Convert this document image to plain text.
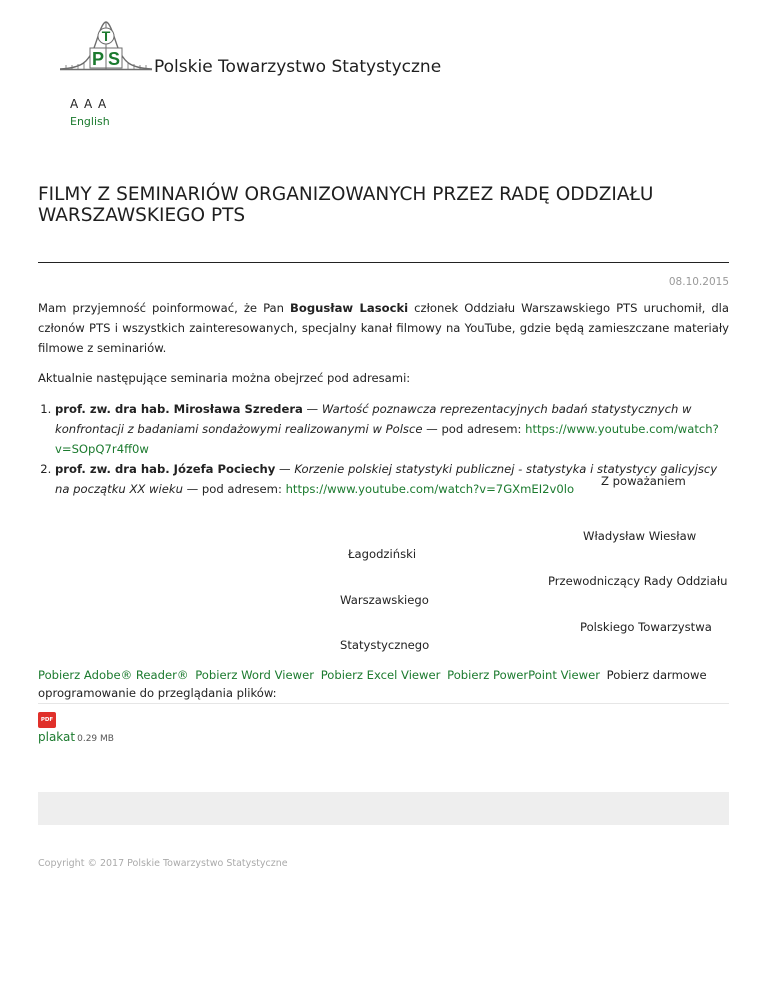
T
P S Polskie Towarzystwo Statystyczne
A A A
English
FILMY Z SEMINARIÓW ORGANIZOWANYCH PRZEZ RADĘ ODDZIAŁU WARSZAWSKIEGO PTS
08.10.2015

Mam przyjemność poinformować, że Pan Bogusław Lasocki członek Oddziału Warszawskiego PTS uruchomił, dla członów PTS i wszystkich zainteresowanych, specjalny kanał filmowy na YouTube, gdzie będą zamieszczane materiały filmowe z seminariów.

Aktualnie następujące seminaria można obejrzeć pod adresami:

1. prof. zw. dra hab. Mirosława Szredera — Wartość poznawcza reprezentacyjnych badań statystycznych w konfrontacji z badaniami sondażowymi realizowanymi w Polsce — pod adresem: https://www.youtube.com/watch?v=SOpQ7r4ff0w
2. prof. zw. dra hab. Józefa Pociechy — Korzenie polskiej statystyki publicznej - statystyka i statystycy galicyjscy na początku XX wieku — pod adresem: https://www.youtube.com/watch?v=7GXmEI2v0lo
Z poważaniem
Władysław Wiesław
Łagodziński
Przewodniczący Rady Oddziału
Warszawskiego
Polskiego Towarzystwa
Statystycznego
Pobierz Adobe® Reader® Pobierz Word Viewer Pobierz Excel Viewer Pobierz PowerPoint Viewer Pobierz darmowe oprogramowanie do przeglądania plików:
PDF
plakat 0.29 MB
Copyright © 2017 Polskie Towarzystwo Statystyczne
